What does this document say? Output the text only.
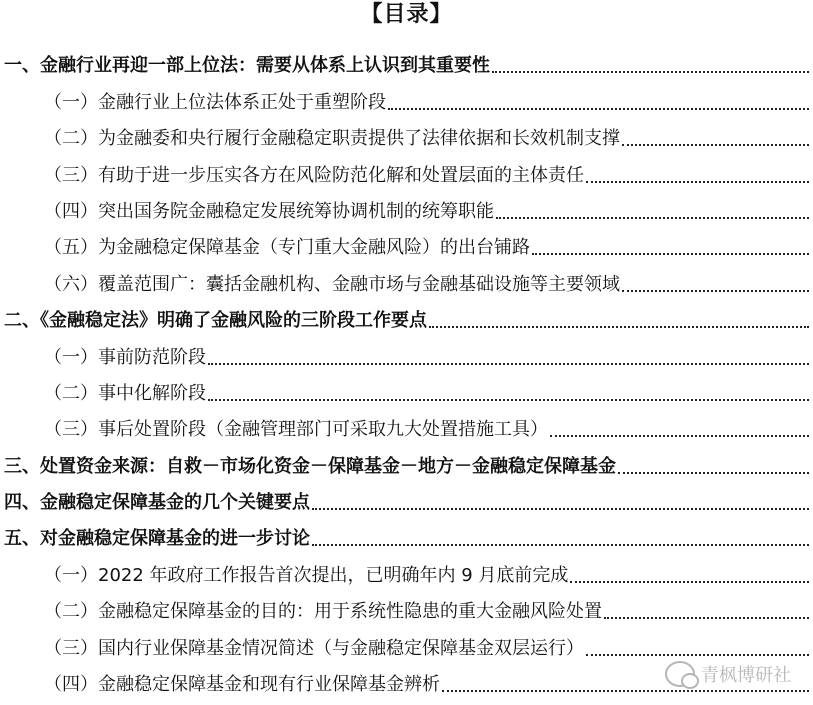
【目录】
一、金融行业再迎一部上位法：需要从体系上认识到其重要性
（一）金融行业上位法体系正处于重塑阶段
（二）为金融委和央行履行金融稳定职责提供了法律依据和长效机制支撑
（三）有助于进一步压实各方在风险防范化解和处置层面的主体责任
（四）突出国务院金融稳定发展统筹协调机制的统筹职能
（五）为金融稳定保障基金（专门重大金融风险）的出台铺路
（六）覆盖范围广：囊括金融机构、金融市场与金融基础设施等主要领域
二、《金融稳定法》明确了金融风险的三阶段工作要点
（一）事前防范阶段
（二）事中化解阶段
（三）事后处置阶段（金融管理部门可采取九大处置措施工具）
三、处置资金来源：自救－市场化资金－保障基金－地方－金融稳定保障基金
四、金融稳定保障基金的几个关键要点
五、对金融稳定保障基金的进一步讨论
（一）2022 年政府工作报告首次提出，已明确年内 9 月底前完成
（二）金融稳定保障基金的目的：用于系统性隐患的重大金融风险处置
（三）国内行业保障基金情况简述（与金融稳定保障基金双层运行）
（四）金融稳定保障基金和现有行业保障基金辨析	青枫博研社
